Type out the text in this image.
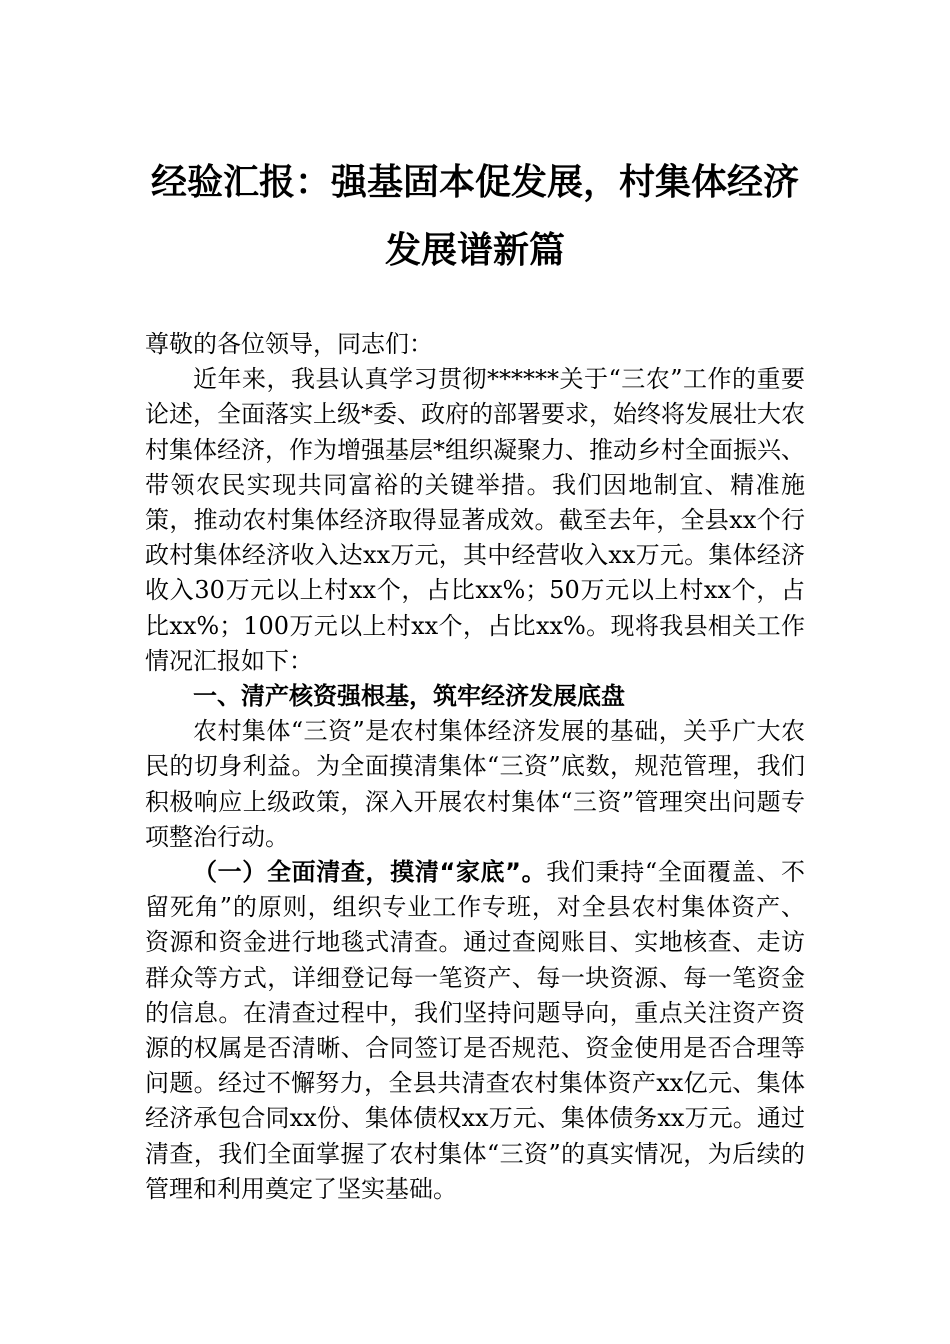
经验汇报：强基固本促发展，村集体经济
发展谱新篇

尊敬的各位领导，同志们：

近年来，我县认真学习贯彻******关于“三农”工作的重要论述，全面落实上级*委、政府的部署要求，始终将发展壮大农村集体经济，作为增强基层*组织凝聚力、推动乡村全面振兴、带领农民实现共同富裕的关键举措。我们因地制宜、精准施策，推动农村集体经济取得显著成效。截至去年，全县xx个行政村集体经济收入达xx万元，其中经营收入xx万元。集体经济收入30万元以上村xx个，占比xx%；50万元以上村xx个，占比xx%；100万元以上村xx个，占比xx%。现将我县相关工作情况汇报如下：

一、清产核资强根基，筑牢经济发展底盘

农村集体“三资”是农村集体经济发展的基础，关乎广大农民的切身利益。为全面摸清集体“三资”底数，规范管理，我们积极响应上级政策，深入开展农村集体“三资”管理突出问题专项整治行动。

（一）全面清查，摸清“家底”。我们秉持“全面覆盖、不留死角”的原则，组织专业工作专班，对全县农村集体资产、资源和资金进行地毯式清查。通过查阅账目、实地核查、走访群众等方式，详细登记每一笔资产、每一块资源、每一笔资金的信息。在清查过程中，我们坚持问题导向，重点关注资产资源的权属是否清晰、合同签订是否规范、资金使用是否合理等问题。经过不懈努力，全县共清查农村集体资产xx亿元、集体经济承包合同xx份、集体债权xx万元、集体债务xx万元。通过清查，我们全面掌握了农村集体“三资”的真实情况，为后续的管理和利用奠定了坚实基础。
